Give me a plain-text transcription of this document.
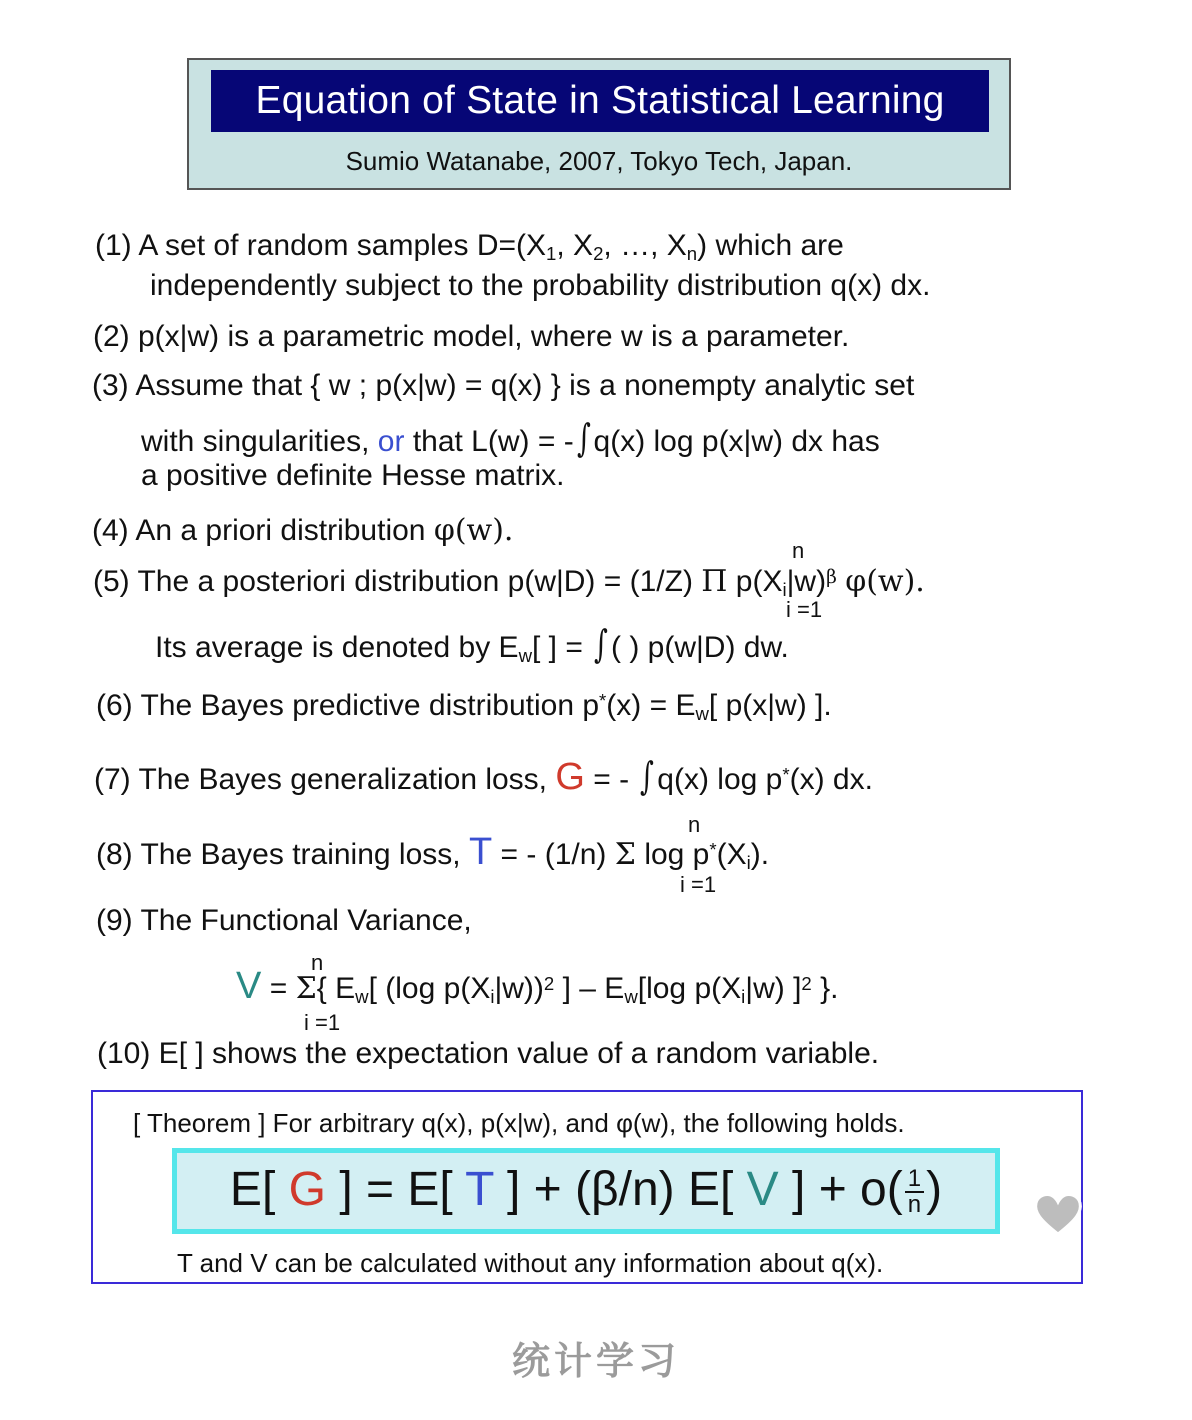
Equation of State in Statistical Learning
Sumio Watanabe, 2007, Tokyo Tech, Japan.
(1) A set of random samples $D=(X_1$, $X_2$, …, $X_n$) which are
independently subject to the probability distribution q(x) dx.
(2) p(x|w) is a parametric model, where w is a parameter.
(3) Assume that { w ; p(x|w) = q(x) } is a nonempty analytic set
with singularities, or that L(w) = -∫q(x) log p(x|w) dx has
a positive definite Hesse matrix.
(4) An a priori distribution φ(w).
n
(5) The a posteriori distribution p(w|D) = (1/Z) Π $p(X_i|w)^\beta$ φ(w).
i =1
Its average is denoted by $E_w$[ ] = ∫( ) p(w|D) dw.
(6) The Bayes predictive distribution $p^*(x) = E_w$[ p(x|w) ].
(7) The Bayes generalization loss, G = - ∫q(x) log p*(x) dx.
n
(8) The Bayes training loss, T = - (1/n) Σ $\log p^*(X_i)$.
i =1
(9) The Functional Variance,
n
V = Σ{ $E_w$[ (log $p(X_i|w))^2$ ] – $E_w[\log$ $p(X_i|w)$ ]$^2$ }.
i =1
(10) E[ ] shows the expectation value of a random variable.
[ Theorem ] For arbitrary q(x), p(x|w), and φ(w), the following holds.
E[ G ] = E[ T ] + (β/n) E[ V ] + $o( \frac{1}{n}$ )
T and V can be calculated without any information about q(x).
统计学习
